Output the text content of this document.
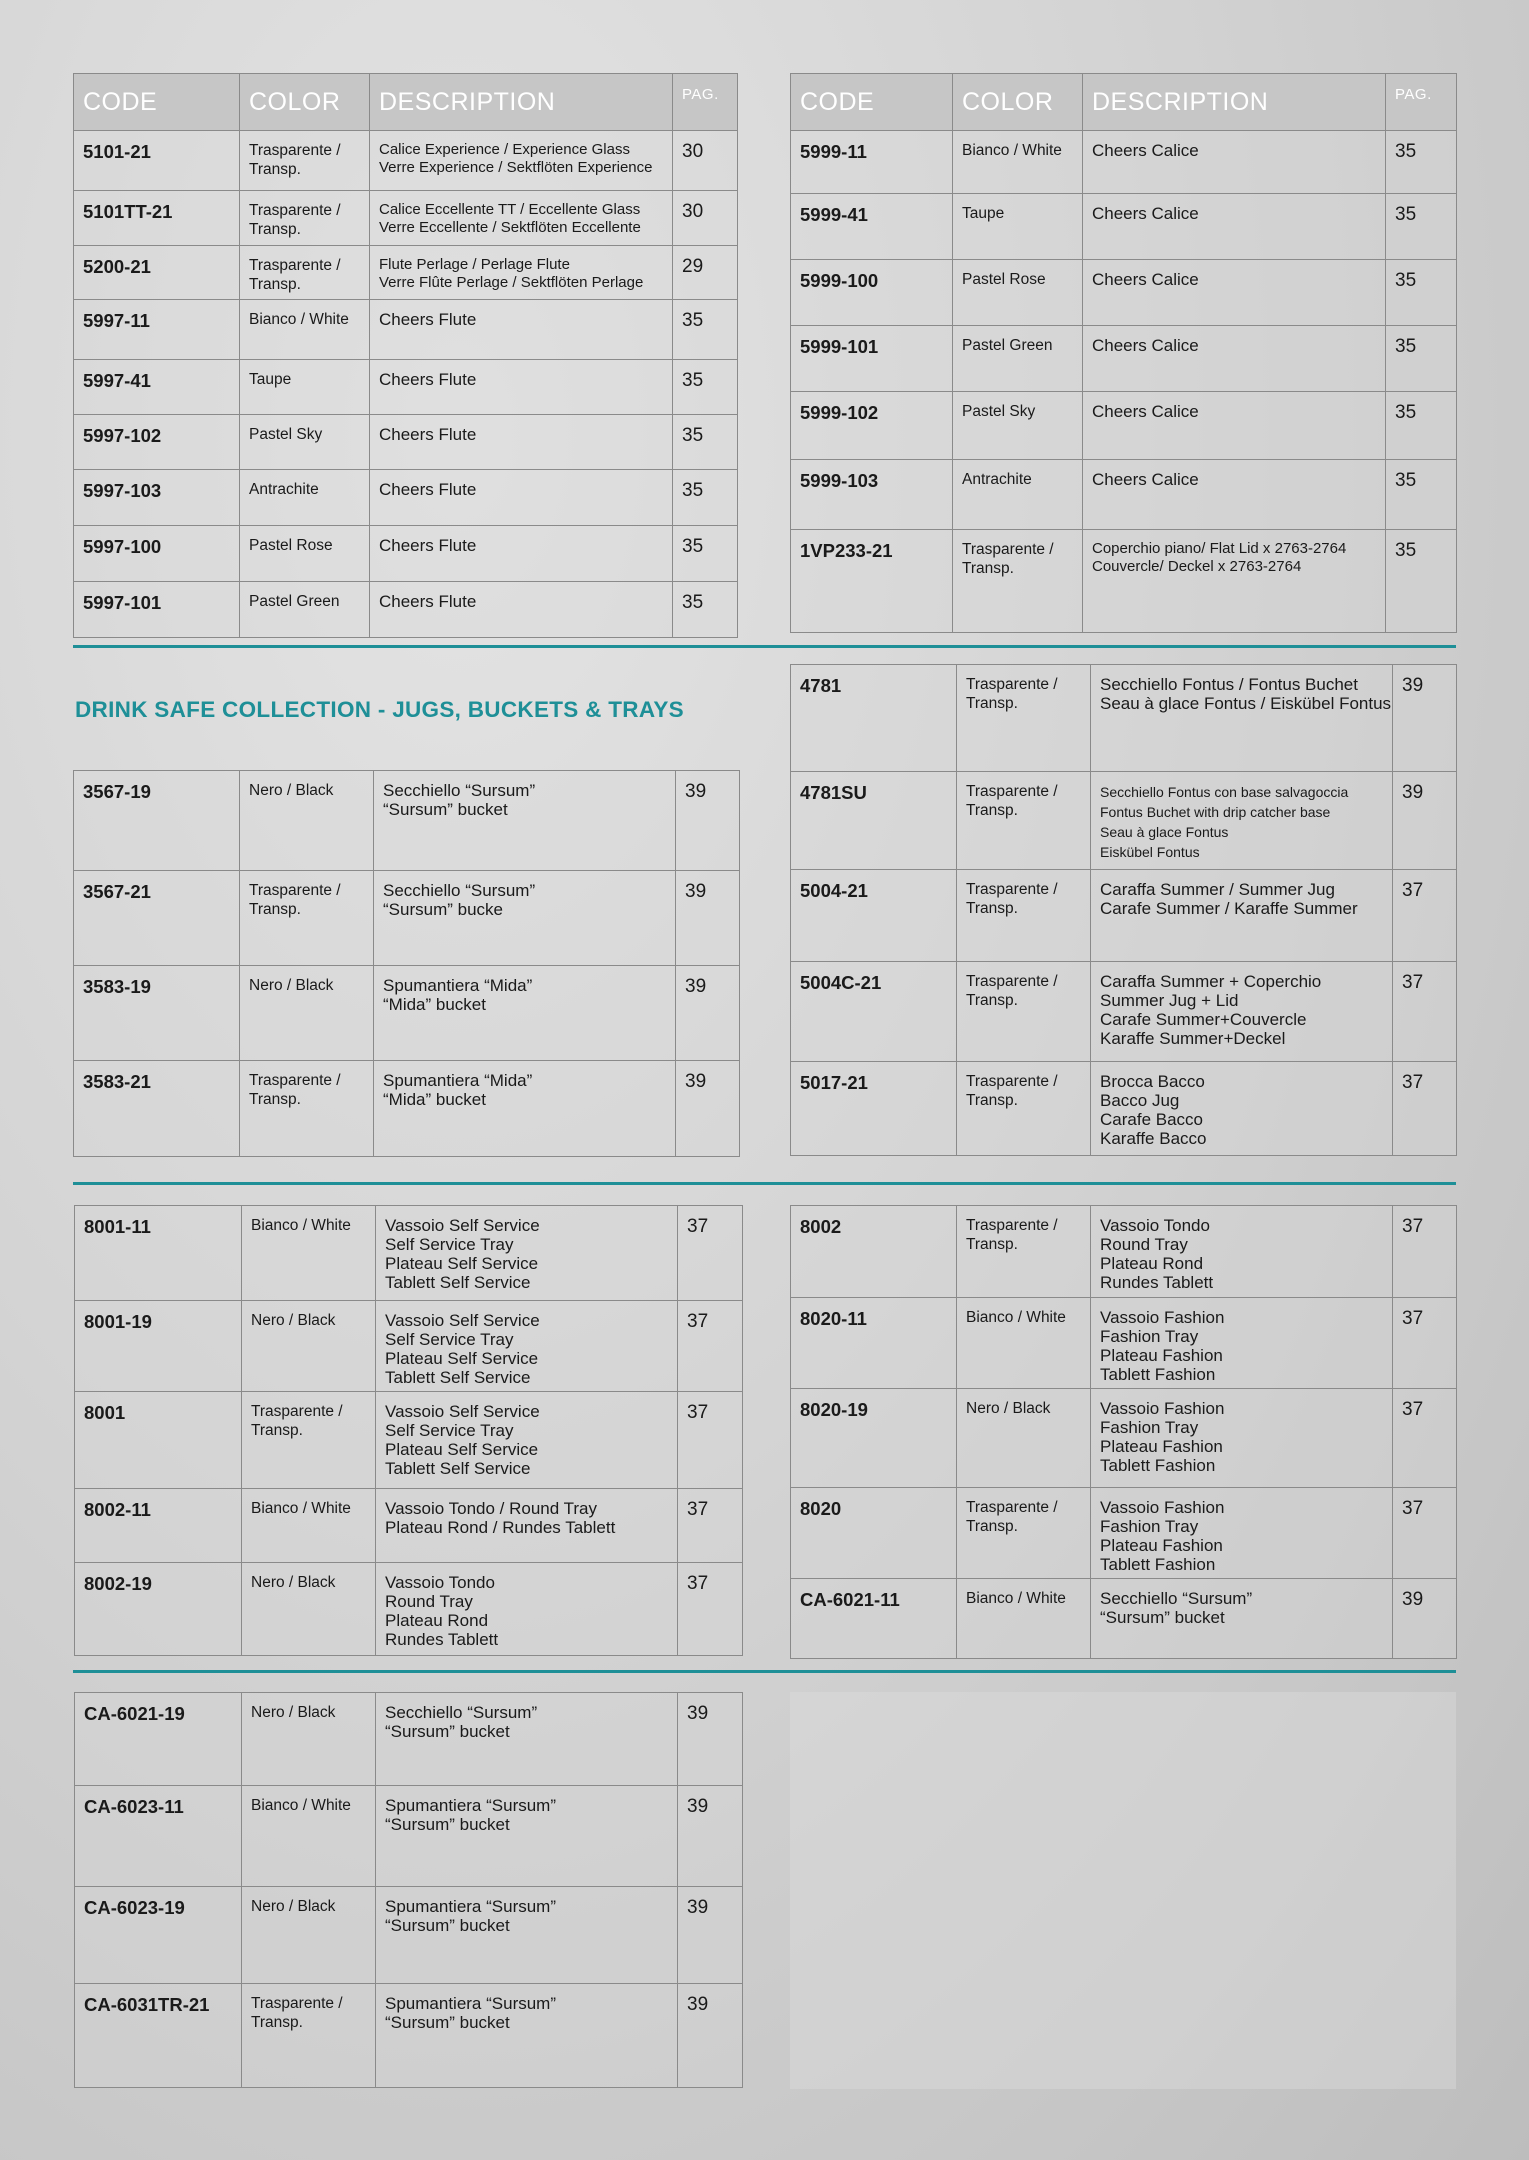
DRINK SAFE COLLECTION - JUGS, BUCKETS & TRAYS
CODE	COLOR	DESCRIPTION	PAG.
5101-21	Trasparente /
Transp.	Calice Experience / Experience Glass
Verre Experience / Sektflöten Experience	30
5101TT-21	Trasparente /
Transp.	Calice Eccellente TT / Eccellente Glass
Verre Eccellente / Sektflöten Eccellente	30
5200-21	Trasparente /
Transp.	Flute Perlage / Perlage Flute
Verre Flûte Perlage / Sektflöten Perlage	29
5997-11	Bianco / White	Cheers Flute	35
5997-41	Taupe	Cheers Flute	35
5997-102	Pastel Sky	Cheers Flute	35
5997-103	Antrachite	Cheers Flute	35
5997-100	Pastel Rose	Cheers Flute	35
5997-101	Pastel Green	Cheers Flute	35
CODE	COLOR	DESCRIPTION	PAG.
5999-11	Bianco / White	Cheers Calice	35
5999-41	Taupe	Cheers Calice	35
5999-100	Pastel Rose	Cheers Calice	35
5999-101	Pastel Green	Cheers Calice	35
5999-102	Pastel Sky	Cheers Calice	35
5999-103	Antrachite	Cheers Calice	35
1VP233-21	Trasparente /
Transp.	Coperchio piano/ Flat Lid x 2763-2764
Couvercle/ Deckel x 2763-2764	35
3567-19	Nero / Black	Secchiello “Sursum”
“Sursum” bucket	39
3567-21	Trasparente /
Transp.	Secchiello “Sursum”
“Sursum” bucke	39
3583-19	Nero / Black	Spumantiera “Mida”
“Mida” bucket	39
3583-21	Trasparente /
Transp.	Spumantiera “Mida”
“Mida” bucket	39
4781	Trasparente /
Transp.	Secchiello Fontus / Fontus Buchet
Seau à glace Fontus / Eiskübel Fontus	39
4781SU	Trasparente /
Transp.	Secchiello Fontus con base salvagoccia
Fontus Buchet with drip catcher base
Seau à glace Fontus
Eiskübel Fontus	39
5004-21	Trasparente /
Transp.	Caraffa Summer / Summer Jug
Carafe Summer / Karaffe Summer	37
5004C-21	Trasparente /
Transp.	Caraffa Summer + Coperchio
Summer Jug + Lid
Carafe Summer+Couvercle
Karaffe Summer+Deckel	37
5017-21	Trasparente /
Transp.	Brocca Bacco
Bacco Jug
Carafe Bacco
Karaffe Bacco	37
8001-11	Bianco / White	Vassoio Self Service
Self Service Tray
Plateau Self Service
Tablett Self Service	37
8001-19	Nero / Black	Vassoio Self Service
Self Service Tray
Plateau Self Service
Tablett Self Service	37
8001	Trasparente /
Transp.	Vassoio Self Service
Self Service Tray
Plateau Self Service
Tablett Self Service	37
8002-11	Bianco / White	Vassoio Tondo / Round Tray
Plateau Rond / Rundes Tablett	37
8002-19	Nero / Black	Vassoio Tondo
Round Tray
Plateau Rond
Rundes Tablett	37
8002	Trasparente /
Transp.	Vassoio Tondo
Round Tray
Plateau Rond
Rundes Tablett	37
8020-11	Bianco / White	Vassoio Fashion
Fashion Tray
Plateau Fashion
Tablett Fashion	37
8020-19	Nero / Black	Vassoio Fashion
Fashion Tray
Plateau Fashion
Tablett Fashion	37
8020	Trasparente /
Transp.	Vassoio Fashion
Fashion Tray
Plateau Fashion
Tablett Fashion	37
CA-6021-11	Bianco / White	Secchiello “Sursum”
“Sursum” bucket	39
CA-6021-19	Nero / Black	Secchiello “Sursum”
“Sursum” bucket	39
CA-6023-11	Bianco / White	Spumantiera “Sursum”
“Sursum” bucket	39
CA-6023-19	Nero / Black	Spumantiera “Sursum”
“Sursum” bucket	39
CA-6031TR-21	Trasparente /
Transp.	Spumantiera “Sursum”
“Sursum” bucket	39
